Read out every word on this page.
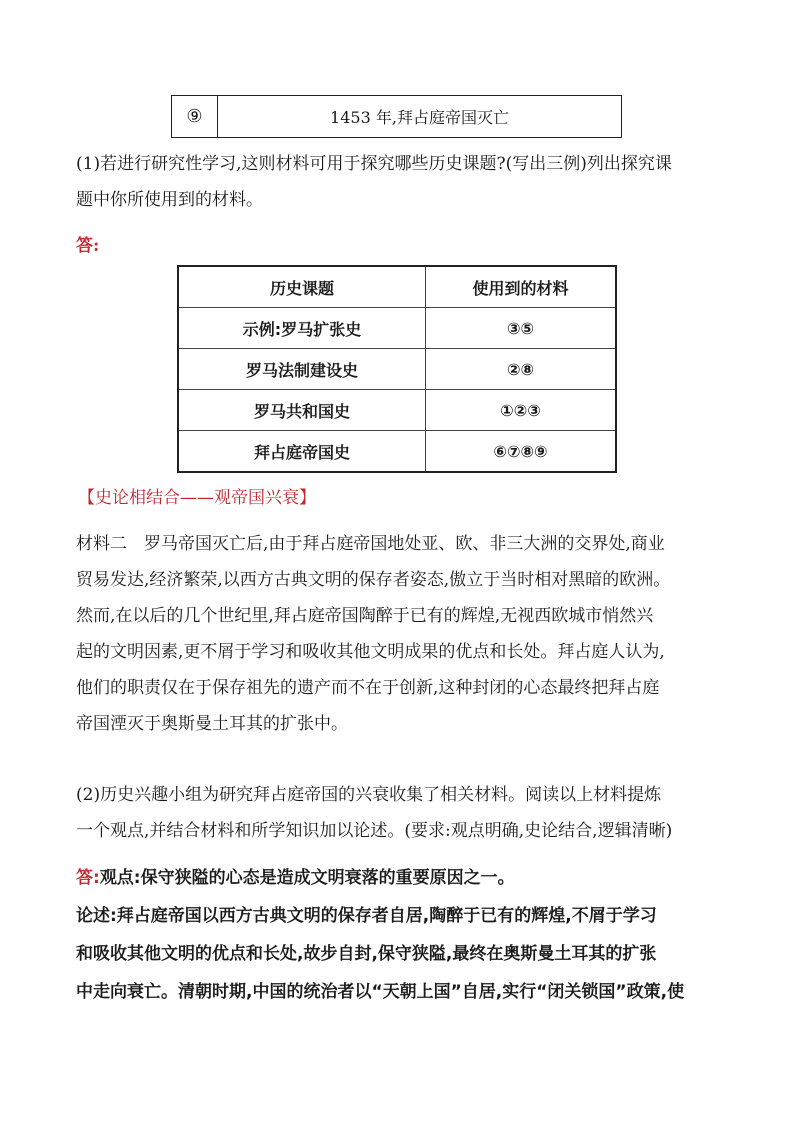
⑨	1453 年,拜占庭帝国灭亡
(1)若进行研究性学习,这则材料可用于探究哪些历史课题?(写出三例)列出探究课
题中你所使用到的材料。
答:
历史课题	使用到的材料
示例:罗马扩张史	③⑤
罗马法制建设史	②⑧
罗马共和国史	①②③
拜占庭帝国史	⑥⑦⑧⑨
【史论相结合——观帝国兴衰】
材料二　罗马帝国灭亡后,由于拜占庭帝国地处亚、欧、非三大洲的交界处,商业
贸易发达,经济繁荣,以西方古典文明的保存者姿态,傲立于当时相对黑暗的欧洲。
然而,在以后的几个世纪里,拜占庭帝国陶醉于已有的辉煌,无视西欧城市悄然兴
起的文明因素,更不屑于学习和吸收其他文明成果的优点和长处。拜占庭人认为,
他们的职责仅在于保存祖先的遗产而不在于创新,这种封闭的心态最终把拜占庭
帝国湮灭于奥斯曼土耳其的扩张中。
(2)历史兴趣小组为研究拜占庭帝国的兴衰收集了相关材料。阅读以上材料提炼
一个观点,并结合材料和所学知识加以论述。(要求:观点明确,史论结合,逻辑清晰)
答:观点:保守狭隘的心态是造成文明衰落的重要原因之一。
论述:拜占庭帝国以西方古典文明的保存者自居,陶醉于已有的辉煌,不屑于学习
和吸收其他文明的优点和长处,故步自封,保守狭隘,最终在奥斯曼土耳其的扩张
中走向衰亡。清朝时期,中国的统治者以“天朝上国”自居,实行“闭关锁国”政策,使
